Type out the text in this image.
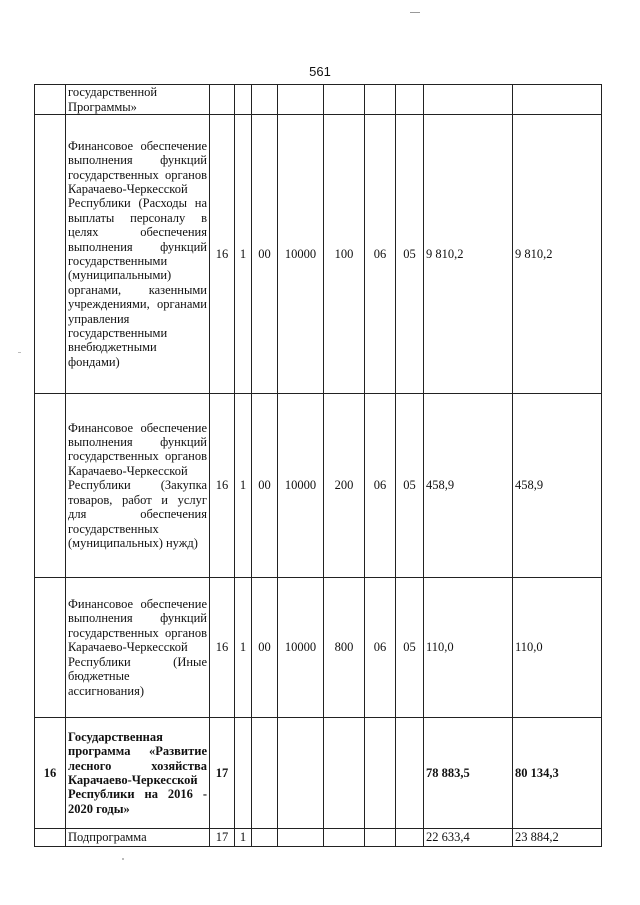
561
	государственной Программы»									
	Финансовое обеспечение выполнения функций государственных органов Карачаево-Черкесской Республики (Расходы на выплаты персоналу в целях обеспечения выполнения функций государственными (муниципальными) органами, казенными учреждениями, органами управления государственными внебюджетными фондами)	16	1	00	10000	100	06	05	9 810,2	9 810,2
	Финансовое обеспечение выполнения функций государственных органов Карачаево-Черкесской Республики (Закупка товаров, работ и услуг для обеспечения государственных (муниципальных) нужд)	16	1	00	10000	200	06	05	458,9	458,9
	Финансовое обеспечение выполнения функций государственных органов Карачаево-Черкесской Республики (Иные бюджетные ассигнования)	16	1	00	10000	800	06	05	110,0	110,0
16	Государственная программа «Развитие лесного хозяйства Карачаево-Черкесской Республики на 2016 - 2020 годы»	17							78 883,5	80 134,3
	Подпрограмма	17	1						22 633,4	23 884,2
